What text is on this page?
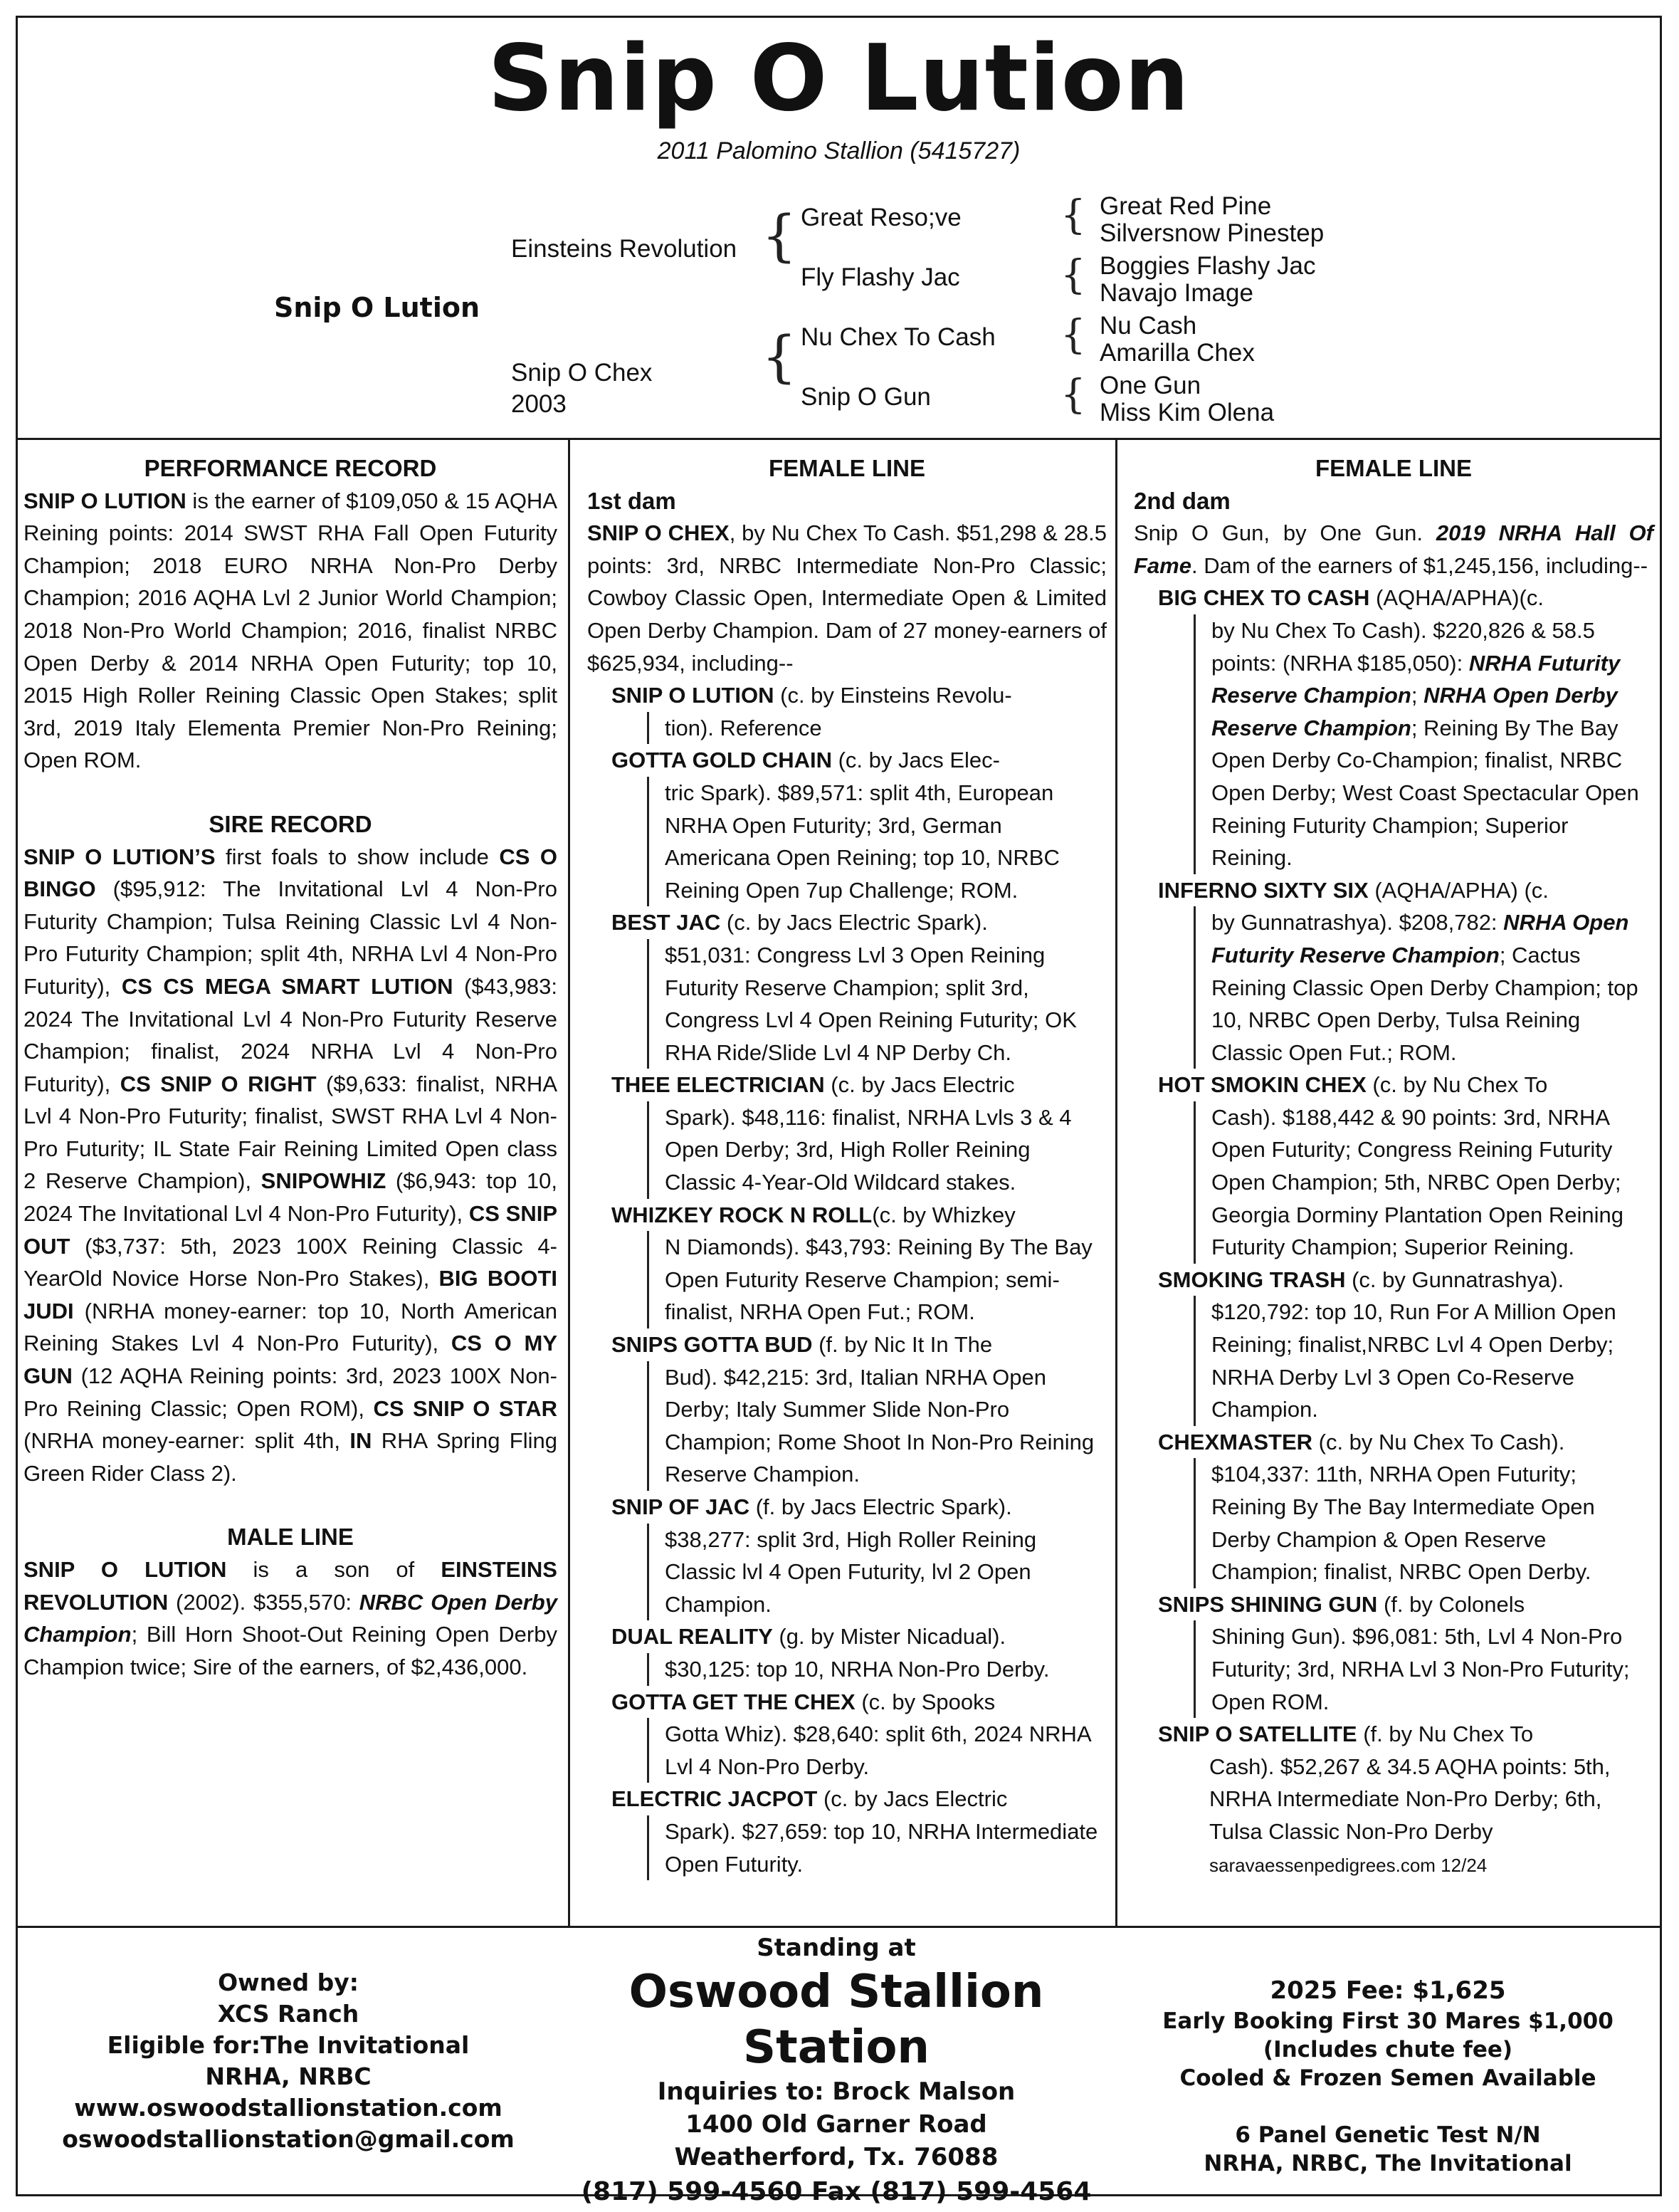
Snip O Lution
2011 Palomino Stallion (5415727)
Snip O Lution
Einsteins Revolution
Snip O Chex
2003
{
{
Great Reso;ve
Fly Flashy Jac
Nu Chex To Cash
Snip O Gun
{
{
{
{
Great Red Pine
Silversnow Pinestep
Boggies Flashy Jac
Navajo Image
Nu Cash
Amarilla Chex
One Gun
Miss Kim Olena
PERFORMANCE RECORD

SNIP O LUTION is the earner of $109,050 & 15 AQHA Reining points: 2014 SWST RHA Fall Open Futurity Champion; 2018 EURO NRHA Non-Pro Derby Champion; 2016 AQHA Lvl 2 Junior World Champion; 2018 Non-Pro World Champion; 2016, finalist NRBC Open Derby & 2014 NRHA Open Futurity; top 10, 2015 High Roller Reining Classic Open Stakes; split 3rd, 2019 Italy Elementa Premier Non-Pro Reining; Open ROM.

SIRE RECORD

SNIP O LUTION’S first foals to show include CS O BINGO ($95,912: The Invitational Lvl 4 Non-Pro Futurity Champion; Tulsa Reining Classic Lvl 4 Non-Pro Futurity Champion; split 4th, NRHA Lvl 4 Non-Pro Futurity), CS CS MEGA SMART LUTION ($43,983: 2024 The Invitational Lvl 4 Non-Pro Futurity Reserve Champion; finalist, 2024 NRHA Lvl 4 Non-Pro Futurity), CS SNIP O RIGHT ($9,633: finalist, NRHA Lvl 4 Non-Pro Futurity; finalist, SWST RHA Lvl 4 Non-Pro Futurity; IL State Fair Reining Limited Open class 2 Reserve Champion), SNIPOWHIZ ($6,943: top 10, 2024 The Invitational Lvl 4 Non-Pro Futurity), CS SNIP OUT ($3,737: 5th, 2023 100X Reining Classic 4-YearOld Novice Horse Non-Pro Stakes), BIG BOOTI JUDI (NRHA money-earner: top 10, North American Reining Stakes Lvl 4 Non-Pro Futurity), CS O MY GUN (12 AQHA Reining points: 3rd, 2023 100X Non-Pro Reining Classic; Open ROM), CS SNIP O STAR (NRHA money-earner: split 4th, IN RHA Spring Fling Green Rider Class 2).

MALE LINE

SNIP O LUTION is a son of EINSTEINS REVOLUTION (2002). $355,570: NRBC Open Derby Champion; Bill Horn Shoot-Out Reining Open Derby Champion twice; Sire of the earners, of $2,436,000.

FEMALE LINE
1st dam

SNIP O CHEX, by Nu Chex To Cash. $51,298 & 28.5 points: 3rd, NRBC Intermediate Non-Pro Classic; Cowboy Classic Open, Intermediate Open & Limited Open Derby Champion. Dam of 27 money-earners of $625,934, including--

SNIP O LUTION (c. by Einsteins Revolu-
tion). Reference
GOTTA GOLD CHAIN (c. by Jacs Elec-
tric Spark). $89,571: split 4th, European NRHA Open Futurity; 3rd, German Americana Open Reining; top 10, NRBC Reining Open 7up Challenge; ROM.
BEST JAC (c. by Jacs Electric Spark).
$51,031: Congress Lvl 3 Open Reining Futurity Reserve Champion; split 3rd, Congress Lvl 4 Open Reining Futurity; OK RHA Ride/Slide Lvl 4 NP Derby Ch.
THEE ELECTRICIAN (c. by Jacs Electric
Spark). $48,116: finalist, NRHA Lvls 3 & 4 Open Derby; 3rd, High Roller Reining Classic 4-Year-Old Wildcard stakes.
WHIZKEY ROCK N ROLL(c. by Whizkey
N Diamonds). $43,793: Reining By The Bay Open Futurity Reserve Champion; semi-finalist, NRHA Open Fut.; ROM.
SNIPS GOTTA BUD (f. by Nic It In The
Bud). $42,215: 3rd, Italian NRHA Open Derby; Italy Summer Slide Non-Pro Champion; Rome Shoot In Non-Pro Reining Reserve Champion.
SNIP OF JAC (f. by Jacs Electric Spark).
$38,277: split 3rd, High Roller Reining Classic lvl 4 Open Futurity, lvl 2 Open Champion.
DUAL REALITY (g. by Mister Nicadual).
$30,125: top 10, NRHA Non-Pro Derby.
GOTTA GET THE CHEX (c. by Spooks
Gotta Whiz). $28,640: split 6th, 2024 NRHA Lvl 4 Non-Pro Derby.
ELECTRIC JACPOT (c. by Jacs Electric
Spark). $27,659: top 10, NRHA Intermediate Open Futurity.
FEMALE LINE
2nd dam

Snip O Gun, by One Gun. 2019 NRHA Hall Of Fame. Dam of the earners of $1,245,156, including--

BIG CHEX TO CASH (AQHA/APHA)(c.
by Nu Chex To Cash). $220,826 & 58.5 points: (NRHA $185,050): NRHA Futurity Reserve Champion; NRHA Open Derby Reserve Champion; Reining By The Bay Open Derby Co-Champion; finalist, NRBC Open Derby; West Coast Spectacular Open Reining Futurity Champion; Superior Reining.
INFERNO SIXTY SIX (AQHA/APHA) (c.
by Gunnatrashya). $208,782: NRHA Open Futurity Reserve Champion; Cactus Reining Classic Open Derby Champion; top 10, NRBC Open Derby, Tulsa Reining Classic Open Fut.; ROM.
HOT SMOKIN CHEX (c. by Nu Chex To
Cash). $188,442 & 90 points: 3rd, NRHA Open Futurity; Congress Reining Futurity Open Champion; 5th, NRBC Open Derby; Georgia Dorminy Plantation Open Reining Futurity Champion; Superior Reining.
SMOKING TRASH (c. by Gunnatrashya).
$120,792: top 10, Run For A Million Open Reining; finalist,NRBC Lvl 4 Open Derby; NRHA Derby Lvl 3 Open Co-Reserve Champion.
CHEXMASTER (c. by Nu Chex To Cash).
$104,337: 11th, NRHA Open Futurity; Reining By The Bay Intermediate Open Derby Champion & Open Reserve Champion; finalist, NRBC Open Derby.
SNIPS SHINING GUN (f. by Colonels
Shining Gun). $96,081: 5th, Lvl 4 Non-Pro Futurity; 3rd, NRHA Lvl 3 Non-Pro Futurity; Open ROM.
SNIP O SATELLITE (f. by Nu Chex To
Cash). $52,267 & 34.5 AQHA points: 5th, NRHA Intermediate Non-Pro Derby; 6th, Tulsa Classic Non-Pro Derby saravaessenpedigrees.com 12/24
Owned by:
XCS Ranch
Eligible for:The Invitational
NRHA, NRBC
www.oswoodstallionstation.com
oswoodstallionstation@gmail.com
Standing at
Oswood Stallion Station
Inquiries to: Brock Malson
1400 Old Garner Road
Weatherford, Tx. 76088
(817) 599-4560 Fax (817) 599-4564
2025 Fee: $1,625
Early Booking First 30 Mares $1,000
(Includes chute fee)
Cooled & Frozen Semen Available
6 Panel Genetic Test N/N
NRHA, NRBC, The Invitational
